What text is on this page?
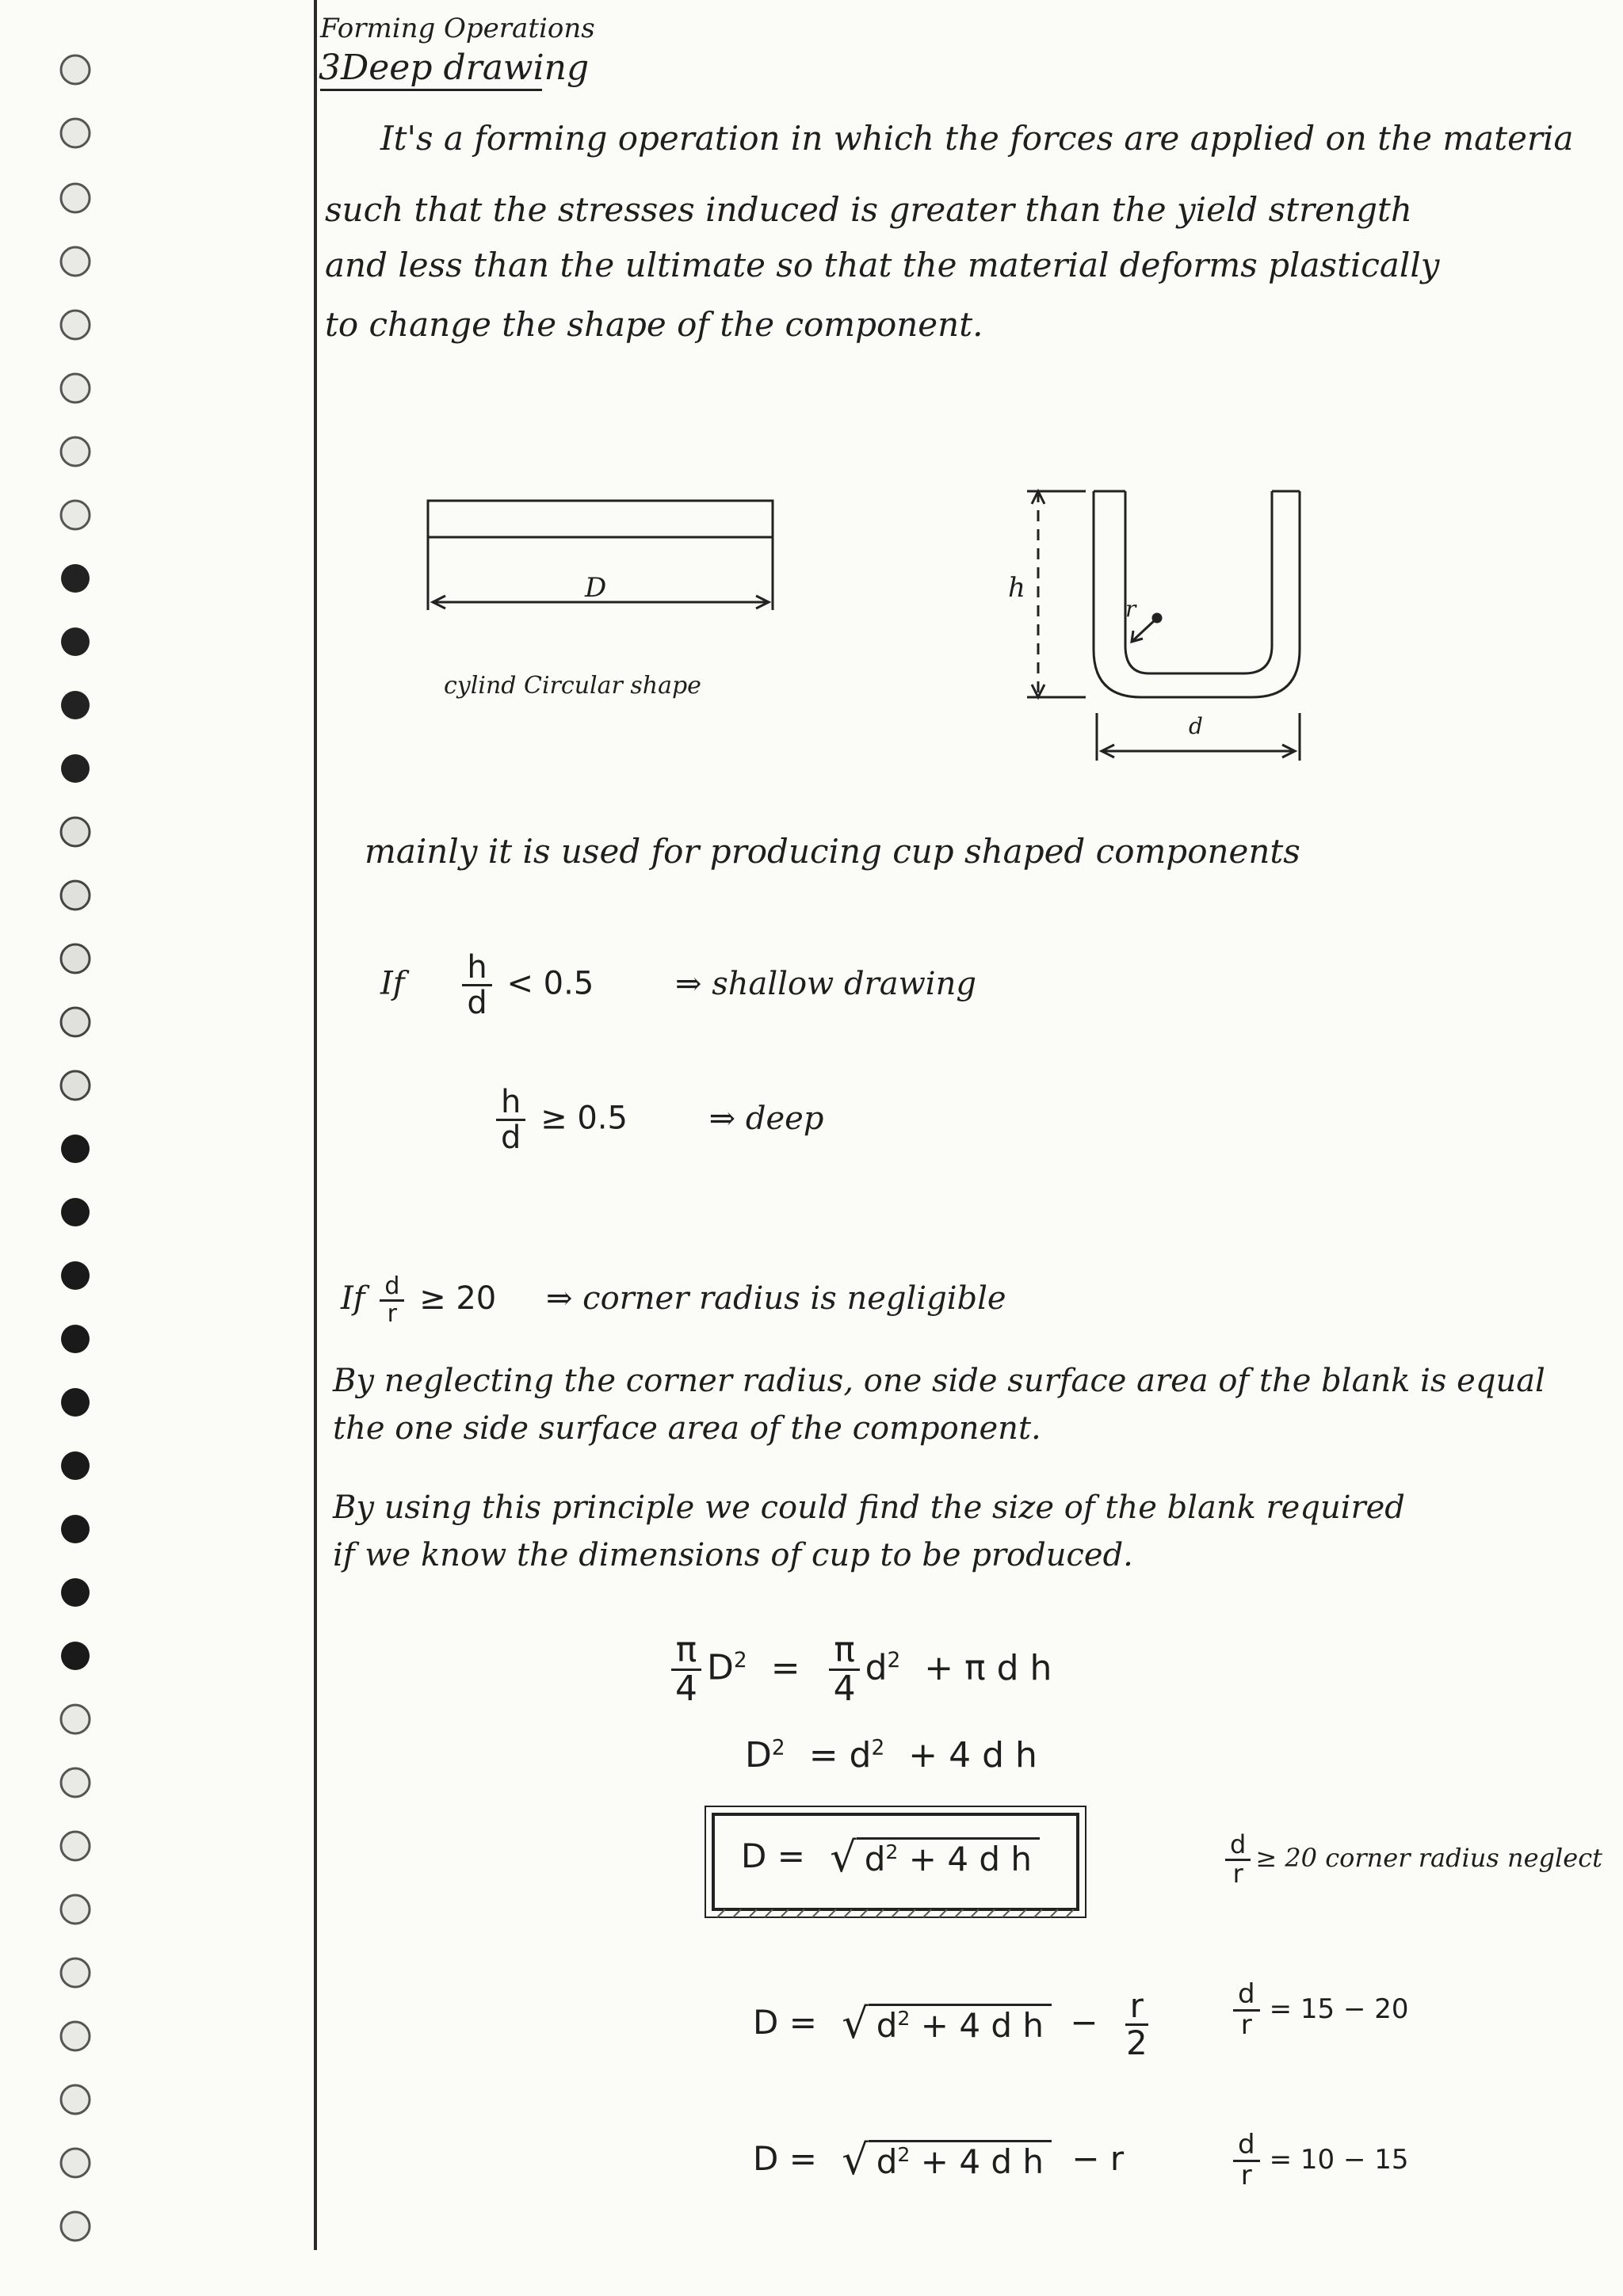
Forming Operations
3Deep drawing
It's a forming operation in which the forces are applied on the materia
such that the stresses induced is greater than the yield strength
and less than the ultimate so that the material deforms plastically
to change the shape of the component.
D
cylind Circular shape
h
r
d
mainly it is used for producing cup shaped components
If $\frac{h}{d} < 0.5$	⇒ shallow drawing
$\frac{h}{d} \ge 0.5$	⇒ deep
If $\frac{d}{r} \ge 20$ ⇒ corner radius is negligible
By neglecting the corner radius, one side surface area of the blank is equal
the one side surface area of the component.
By using this principle we could find the size of the blank required
if we know the dimensions of cup to be produced.
$\frac{\pi}{4} D^2 = \frac{\pi}{4} d^2 + \pi$ d h
$D^2 = d^2 + 4$ d h
D = √ $d^2 + 4$ d h	$\frac{d}{r} \ge 20$ corner radius neglect
D = √ $d^2 + 4$ d $h - \frac{r}{2}$	$\frac{d}{r} = 15 - 20$
D = √ $d^2 + 4$ d h − r	$\frac{d}{r} = 10 - 15$
